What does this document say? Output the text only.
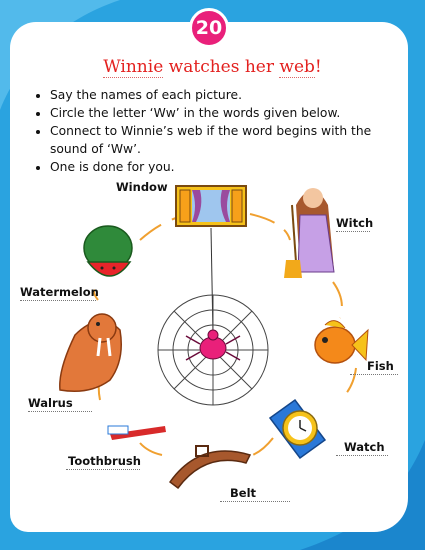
20
Winnie watches her web!
• Say the names of each picture.
• Circle the letter ‘Ww’ in the words given below.
• Connect to Winnie’s web if the word begins with the sound of ‘Ww’.
• One is done for you.
Window
Witch
Fish
Watch
Belt
Toothbrush
Walrus
Watermelon
